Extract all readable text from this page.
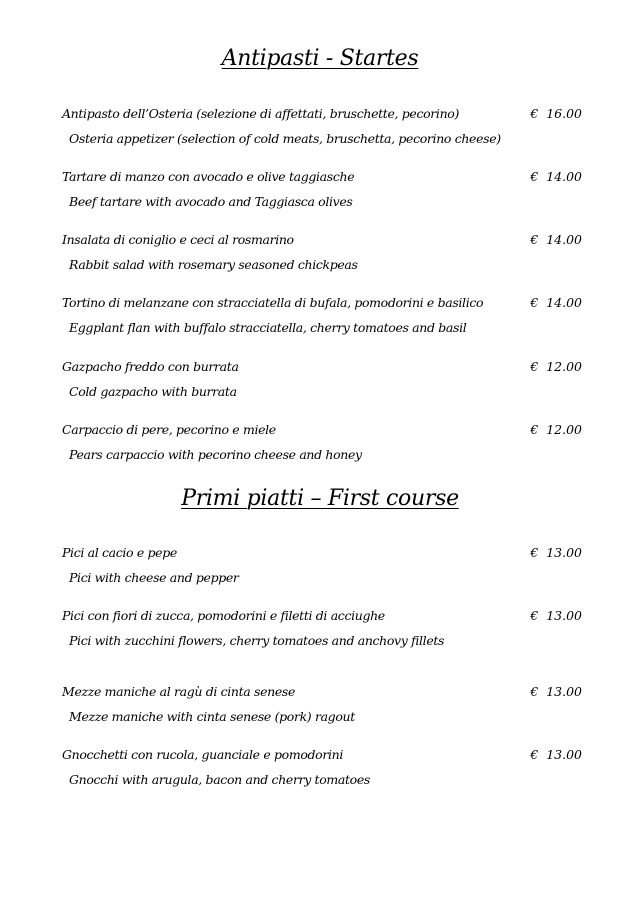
Antipasti - Startes
Antipasto dell’Osteria (selezione di affettati, bruschette, pecorino)
Osteria appetizer (selection of cold meats, bruschetta, pecorino cheese)
€  16.00
Tartare di manzo con avocado e olive taggiasche
Beef tartare with avocado and Taggiasca olives
€  14.00
Insalata di coniglio e ceci al rosmarino
Rabbit salad with rosemary seasoned chickpeas
€  14.00
Tortino di melanzane con stracciatella di bufala, pomodorini e basilico
Eggplant flan with buffalo stracciatella, cherry tomatoes and basil
€  14.00
Gazpacho freddo con burrata
Cold gazpacho with burrata
€  12.00
Carpaccio di pere, pecorino e miele
Pears carpaccio with pecorino cheese and honey
€  12.00
Primi piatti – First course
Pici al cacio e pepe
Pici with cheese and pepper
€  13.00
Pici con fiori di zucca, pomodorini e filetti di acciughe
Pici with zucchini flowers, cherry tomatoes and anchovy fillets
€  13.00
Mezze maniche al ragù di cinta senese
Mezze maniche with cinta senese (pork) ragout
€  13.00
Gnocchetti con rucola, guanciale e pomodorini
Gnocchi with arugula, bacon and cherry tomatoes
€  13.00
